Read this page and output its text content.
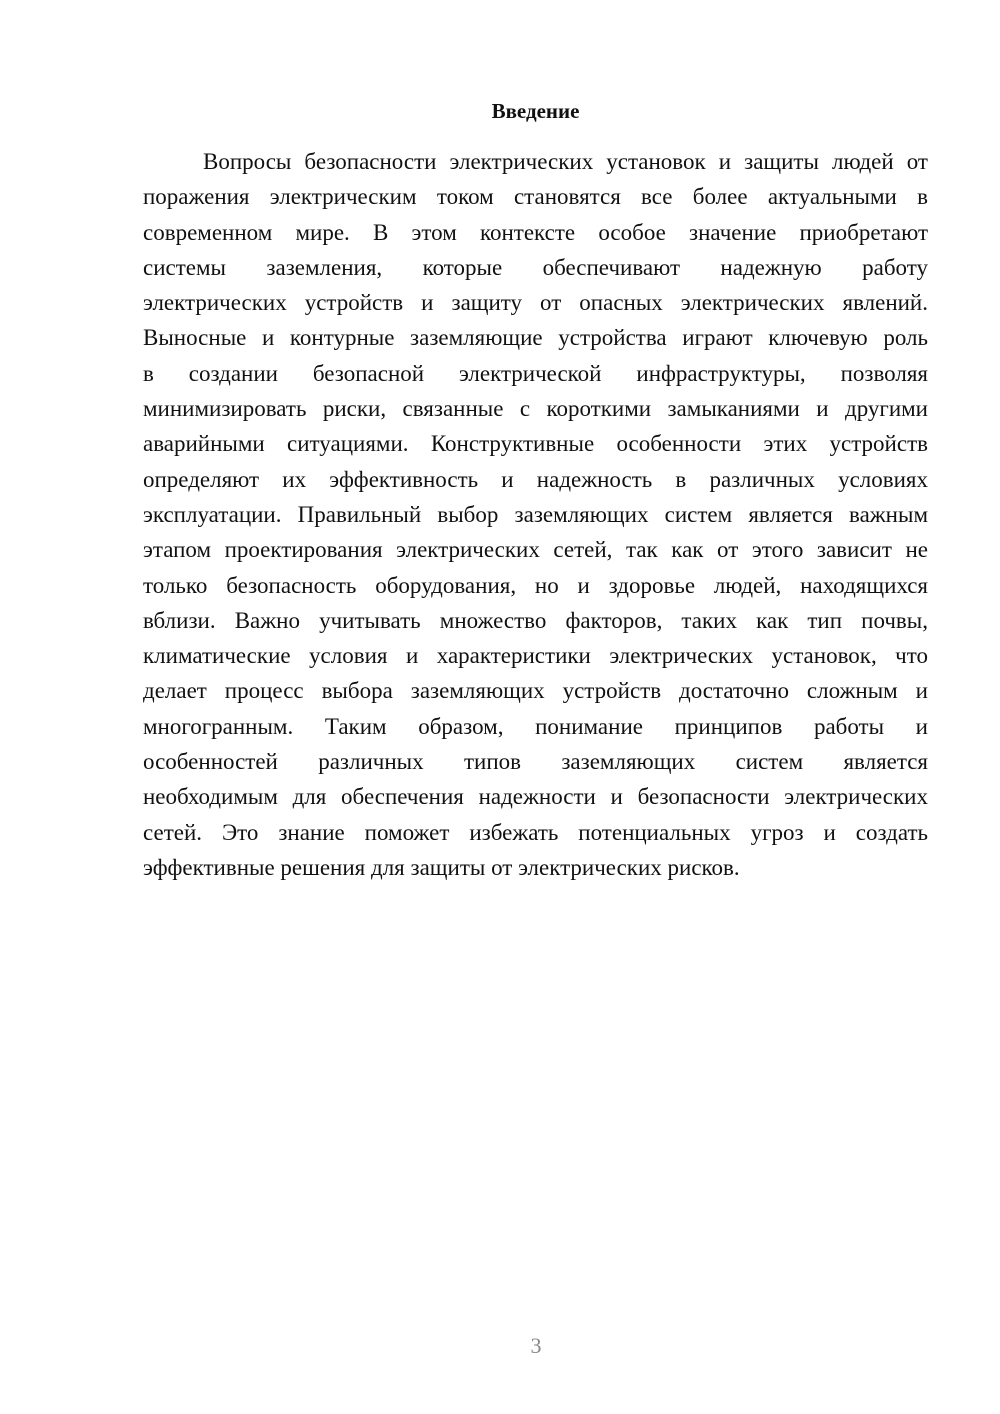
Введение
Вопросы безопасности электрических установок и защиты людей от
поражения электрическим током становятся все более актуальными в
современном мире. В этом контексте особое значение приобретают
системы заземления, которые обеспечивают надежную работу
электрических устройств и защиту от опасных электрических явлений.
Выносные и контурные заземляющие устройства играют ключевую роль
в создании безопасной электрической инфраструктуры, позволяя
минимизировать риски, связанные с короткими замыканиями и другими
аварийными ситуациями. Конструктивные особенности этих устройств
определяют их эффективность и надежность в различных условиях
эксплуатации. Правильный выбор заземляющих систем является важным
этапом проектирования электрических сетей, так как от этого зависит не
только безопасность оборудования, но и здоровье людей, находящихся
вблизи. Важно учитывать множество факторов, таких как тип почвы,
климатические условия и характеристики электрических установок, что
делает процесс выбора заземляющих устройств достаточно сложным и
многогранным. Таким образом, понимание принципов работы и
особенностей различных типов заземляющих систем является
необходимым для обеспечения надежности и безопасности электрических
сетей. Это знание поможет избежать потенциальных угроз и создать
эффективные решения для защиты от электрических рисков.
3
